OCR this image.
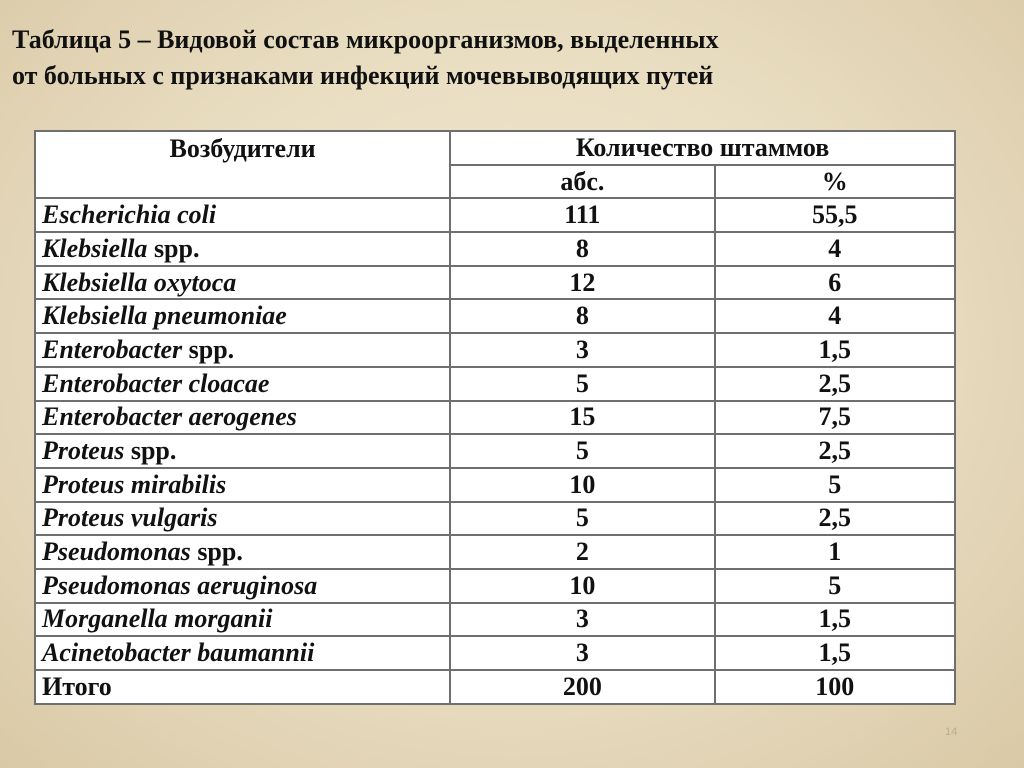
Таблица 5 – Видовой состав микроорганизмов, выделенных
от больных с признаками инфекций мочевыводящих путей
Возбудители	Количество штаммов	
	абс.	%
Escherichia coli	111	55,5
Klebsiella spp.	8	4
Klebsiella oxytoca	12	6
Klebsiella pneumoniae	8	4
Enterobacter spp.	3	1,5
Enterobacter cloacae	5	2,5
Enterobacter aerogenes	15	7,5
Proteus spp.	5	2,5
Proteus mirabilis	10	5
Proteus vulgaris	5	2,5
Pseudomonas spp.	2	1
Pseudomonas aeruginosa	10	5
Morganella morganii	3	1,5
Acinetobacter baumannii	3	1,5
Итого	200	100
14
